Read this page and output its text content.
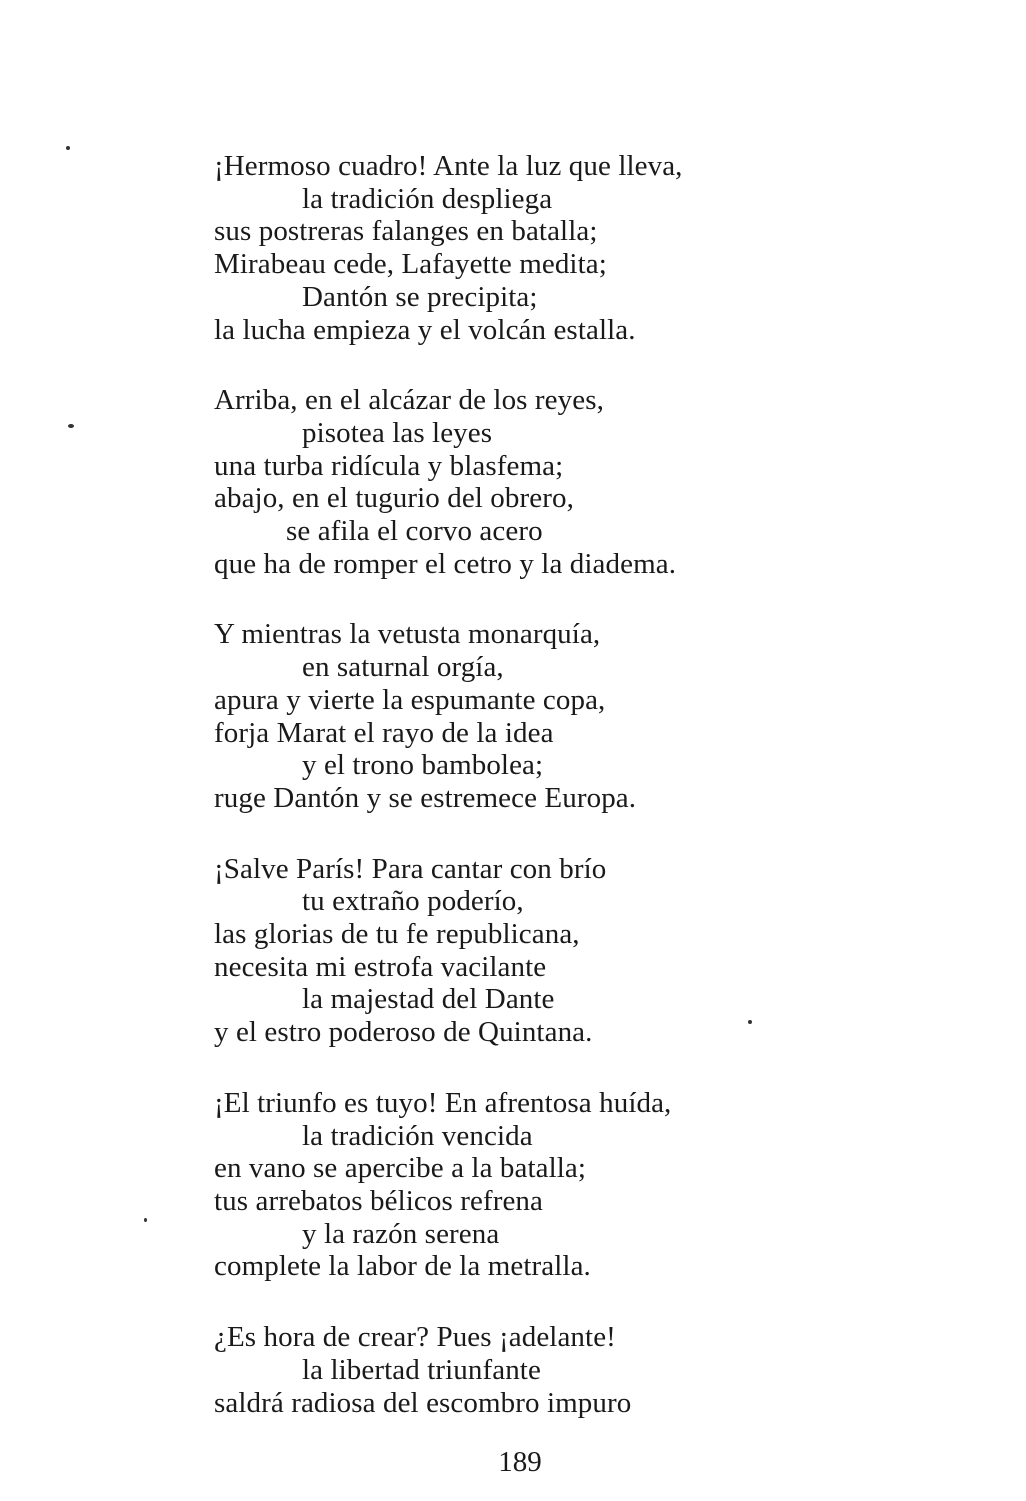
¡Hermoso cuadro! Ante la luz que lleva,
la tradición despliega
sus postreras falanges en batalla;
Mirabeau cede, Lafayette medita;
Dantón se precipita;
la lucha empieza y el volcán estalla.
Arriba, en el alcázar de los reyes,
pisotea las leyes
una turba ridícula y blasfema;
abajo, en el tugurio del obrero,
se afila el corvo acero
que ha de romper el cetro y la diadema.
Y mientras la vetusta monarquía,
en saturnal orgía,
apura y vierte la espumante copa,
forja Marat el rayo de la idea
y el trono bambolea;
ruge Dantón y se estremece Europa.
¡Salve París! Para cantar con brío
tu extraño poderío,
las glorias de tu fe republicana,
necesita mi estrofa vacilante
la majestad del Dante
y el estro poderoso de Quintana.
¡El triunfo es tuyo! En afrentosa huída,
la tradición vencida
en vano se apercibe a la batalla;
tus arrebatos bélicos refrena
y la razón serena
complete la labor de la metralla.
¿Es hora de crear? Pues ¡adelante!
la libertad triunfante
saldrá radiosa del escombro impuro
189
